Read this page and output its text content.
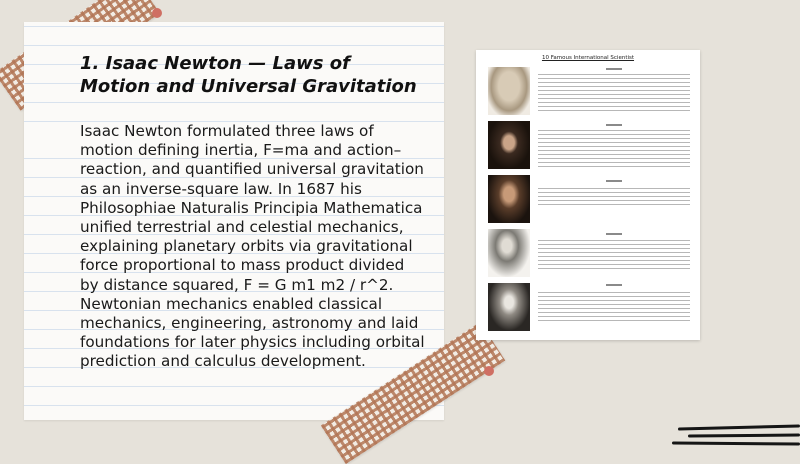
1. Isaac Newton — Laws of Motion and Universal Gravitation
Isaac Newton formulated three laws of motion defining inertia, F=ma and action–reaction, and quantified universal gravitation as an inverse-square law. In 1687 his Philosophiae Naturalis Principia Mathematica unified terrestrial and celestial mechanics, explaining planetary orbits via gravitational force proportional to mass product divided by distance squared, F = G m1 m2 / r^2. Newtonian mechanics enabled classical mechanics, engineering, astronomy and laid foundations for later physics including orbital prediction and calculus development.
10 Famous International Scientist
